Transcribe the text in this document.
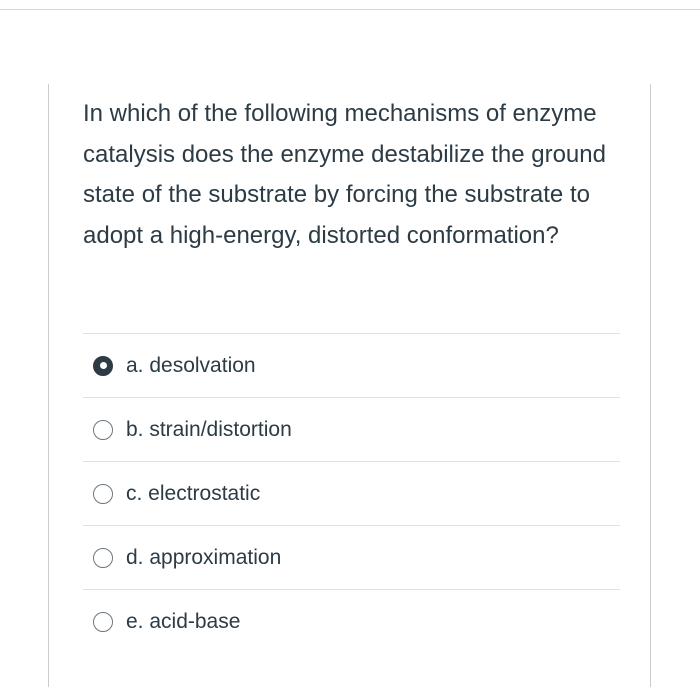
In which of the following mechanisms of enzyme catalysis does the enzyme destabilize the ground state of the substrate by forcing the substrate to adopt a high-energy, distorted conformation?

a. desolvation
b. strain/distortion
c. electrostatic
d. approximation
e. acid-base
